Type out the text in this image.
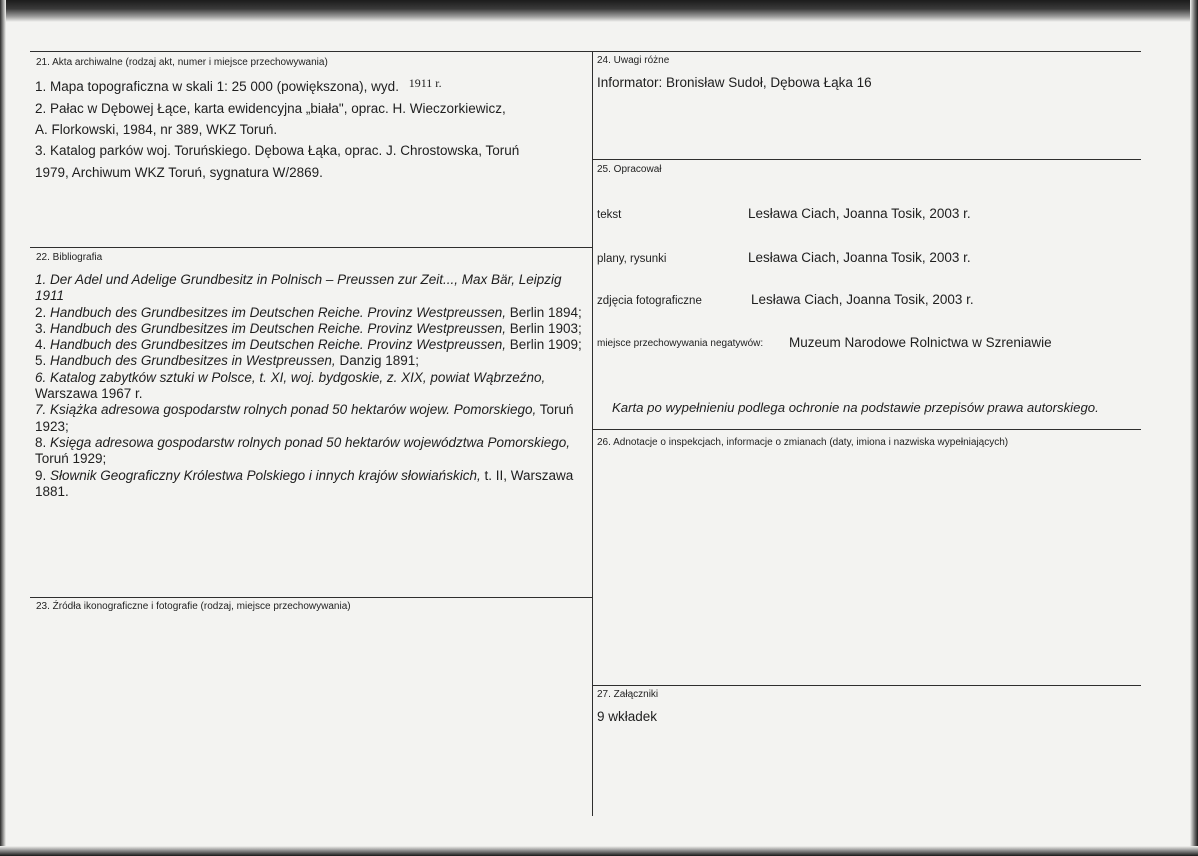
21. Akta archiwalne (rodzaj akt, numer i miejsce przechowywania)
1. Mapa topograficzna w skali 1: 25 000 (powiększona), wyd. 1911 r.
2. Pałac w Dębowej Łące, karta ewidencyjna „biała", oprac. H. Wieczorkiewicz,
A. Florkowski, 1984, nr 389, WKZ Toruń.
3. Katalog parków woj. Toruńskiego. Dębowa Łąka, oprac. J. Chrostowska, Toruń
1979, Archiwum WKZ Toruń, sygnatura W/2869.
22. Bibliografia
1. Der Adel und Adelige Grundbesitz in Polnisch – Preussen zur Zeit..., Max Bär, Leipzig 1911
2. Handbuch des Grundbesitzes im Deutschen Reiche. Provinz Westpreussen, Berlin 1894;
3. Handbuch des Grundbesitzes im Deutschen Reiche. Provinz Westpreussen, Berlin 1903;
4. Handbuch des Grundbesitzes im Deutschen Reiche. Provinz Westpreussen, Berlin 1909;
5. Handbuch des Grundbesitzes in Westpreussen, Danzig 1891;
6. Katalog zabytków sztuki w Polsce, t. XI, woj. bydgoskie, z. XIX, powiat Wąbrzeźno, Warszawa 1967 r.
7. Książka adresowa gospodarstw rolnych ponad 50 hektarów wojew. Pomorskiego, Toruń 1923;
8. Księga adresowa gospodarstw rolnych ponad 50 hektarów województwa Pomorskiego, Toruń 1929;
9. Słownik Geograficzny Królestwa Polskiego i innych krajów słowiańskich, t. II, Warszawa 1881.
23. Źródła ikonograficzne i fotografie (rodzaj, miejsce przechowywania)
24. Uwagi różne
Informator: Bronisław Sudoł, Dębowa Łąka 16
25. Opracował
tekst	Lesława Ciach, Joanna Tosik, 2003 r.
plany, rysunki	Lesława Ciach, Joanna Tosik, 2003 r.
zdjęcia fotograficzne	Lesława Ciach, Joanna Tosik, 2003 r.
miejsce przechowywania negatywów: Muzeum Narodowe Rolnictwa w Szreniawie
Karta po wypełnieniu podlega ochronie na podstawie przepisów prawa autorskiego.
26. Adnotacje o inspekcjach, informacje o zmianach (daty, imiona i nazwiska wypełniających)
27. Załączniki
9 wkładek
